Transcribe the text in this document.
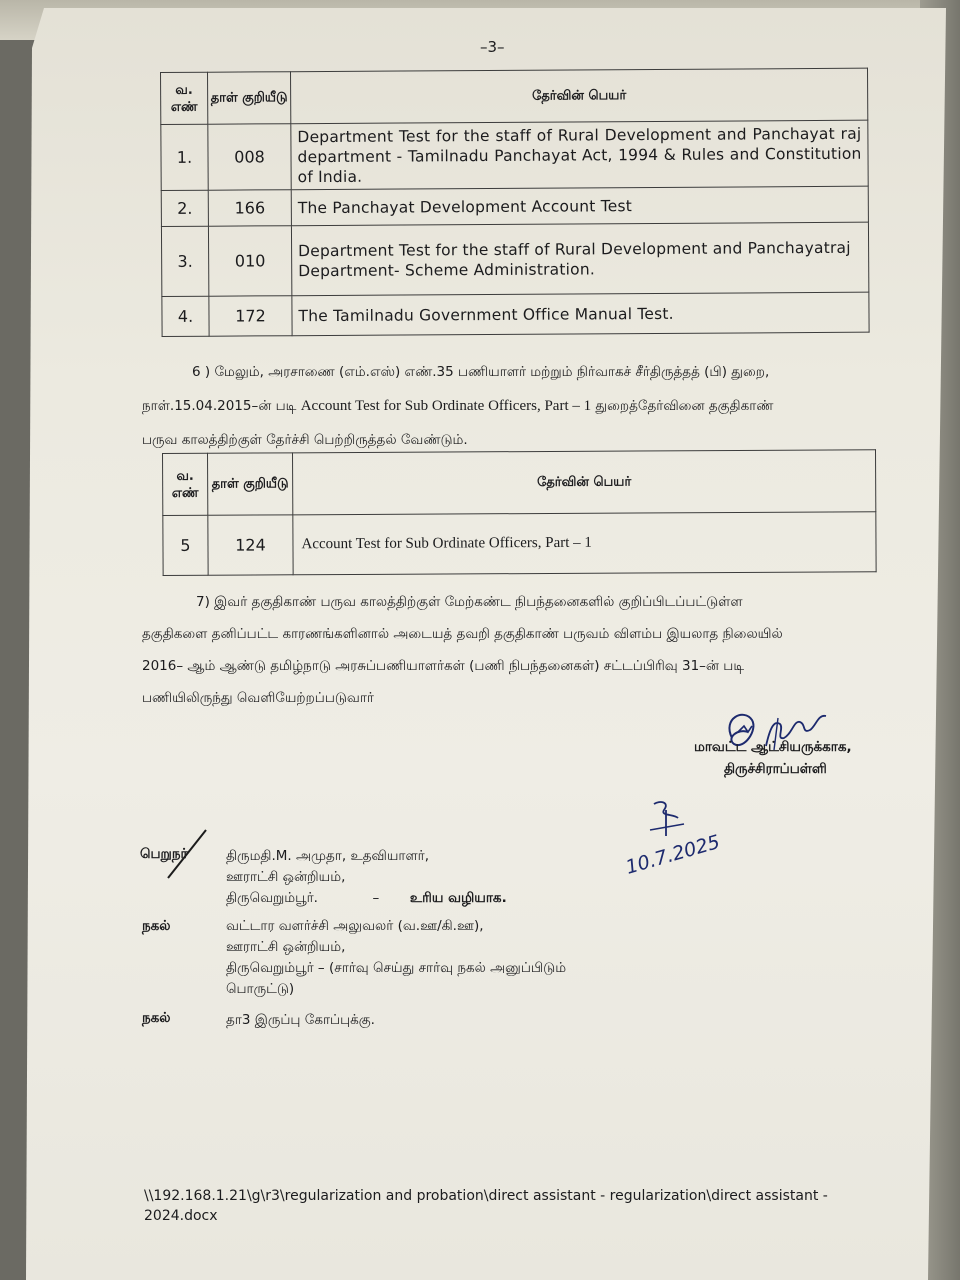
–3–
வ. எண்	தாள் குறியீடு	தேர்வின் பெயர்
1.	008	Department Test for the staff of Rural Development and Panchayat raj department - Tamilnadu Panchayat Act, 1994 & Rules and Constitution of India.
2.	166	The Panchayat Development Account Test
3.	010	Department Test for the staff of Rural Development and Panchayatraj Department- Scheme Administration.
4.	172	The Tamilnadu Government Office Manual Test.
6 ) மேலும், அரசாணை (எம்.எஸ்) எண்.35 பணியாளர் மற்றும் நிர்வாகச் சீர்திருத்தத் (பி) துறை,
நாள்.15.04.2015–ன் படி Account Test for Sub Ordinate Officers, Part – 1 துறைத்தேர்வினை தகுதிகாண்
பருவ காலத்திற்குள் தேர்ச்சி பெற்றிருத்தல் வேண்டும்.
வ. எண்	தாள் குறியீடு	தேர்வின் பெயர்
5	124	Account Test for Sub Ordinate Officers, Part – 1
7) இவர் தகுதிகாண் பருவ காலத்திற்குள் மேற்கண்ட நிபந்தனைகளில் குறிப்பிடப்பட்டுள்ள
தகுதிகளை தனிப்பட்ட காரணங்களினால் அடையத் தவறி தகுதிகாண் பருவம் விளம்ப இயலாத நிலையில்
2016– ஆம் ஆண்டு தமிழ்நாடு அரசுப்பணியாளர்கள் (பணி நிபந்தனைகள்) சட்டப்பிரிவு 31–ன் படி
பணியிலிருந்து வெளியேற்றப்படுவார்
மாவட்ட ஆட்சியருக்காக,
திருச்சிராப்பள்ளி
10.7.2025
பெறுநர்	திருமதி.M. அமுதா, உதவியாளர்,
ஊராட்சி ஒன்றியம்,
திருவெறும்பூர்.	– உரிய வழியாக.
நகல்	வட்டார வளர்ச்சி அலுவலர் (வ.ஊ/கி.ஊ),
ஊராட்சி ஒன்றியம்,
திருவெறும்பூர் – (சார்வு செய்து சார்வு நகல் அனுப்பிடும்
பொருட்டு)
நகல்	தா3 இருப்பு கோப்புக்கு.
\\192.168.1.21\g\r3\regularization and probation\direct assistant - regularization\direct assistant - 2024.docx
